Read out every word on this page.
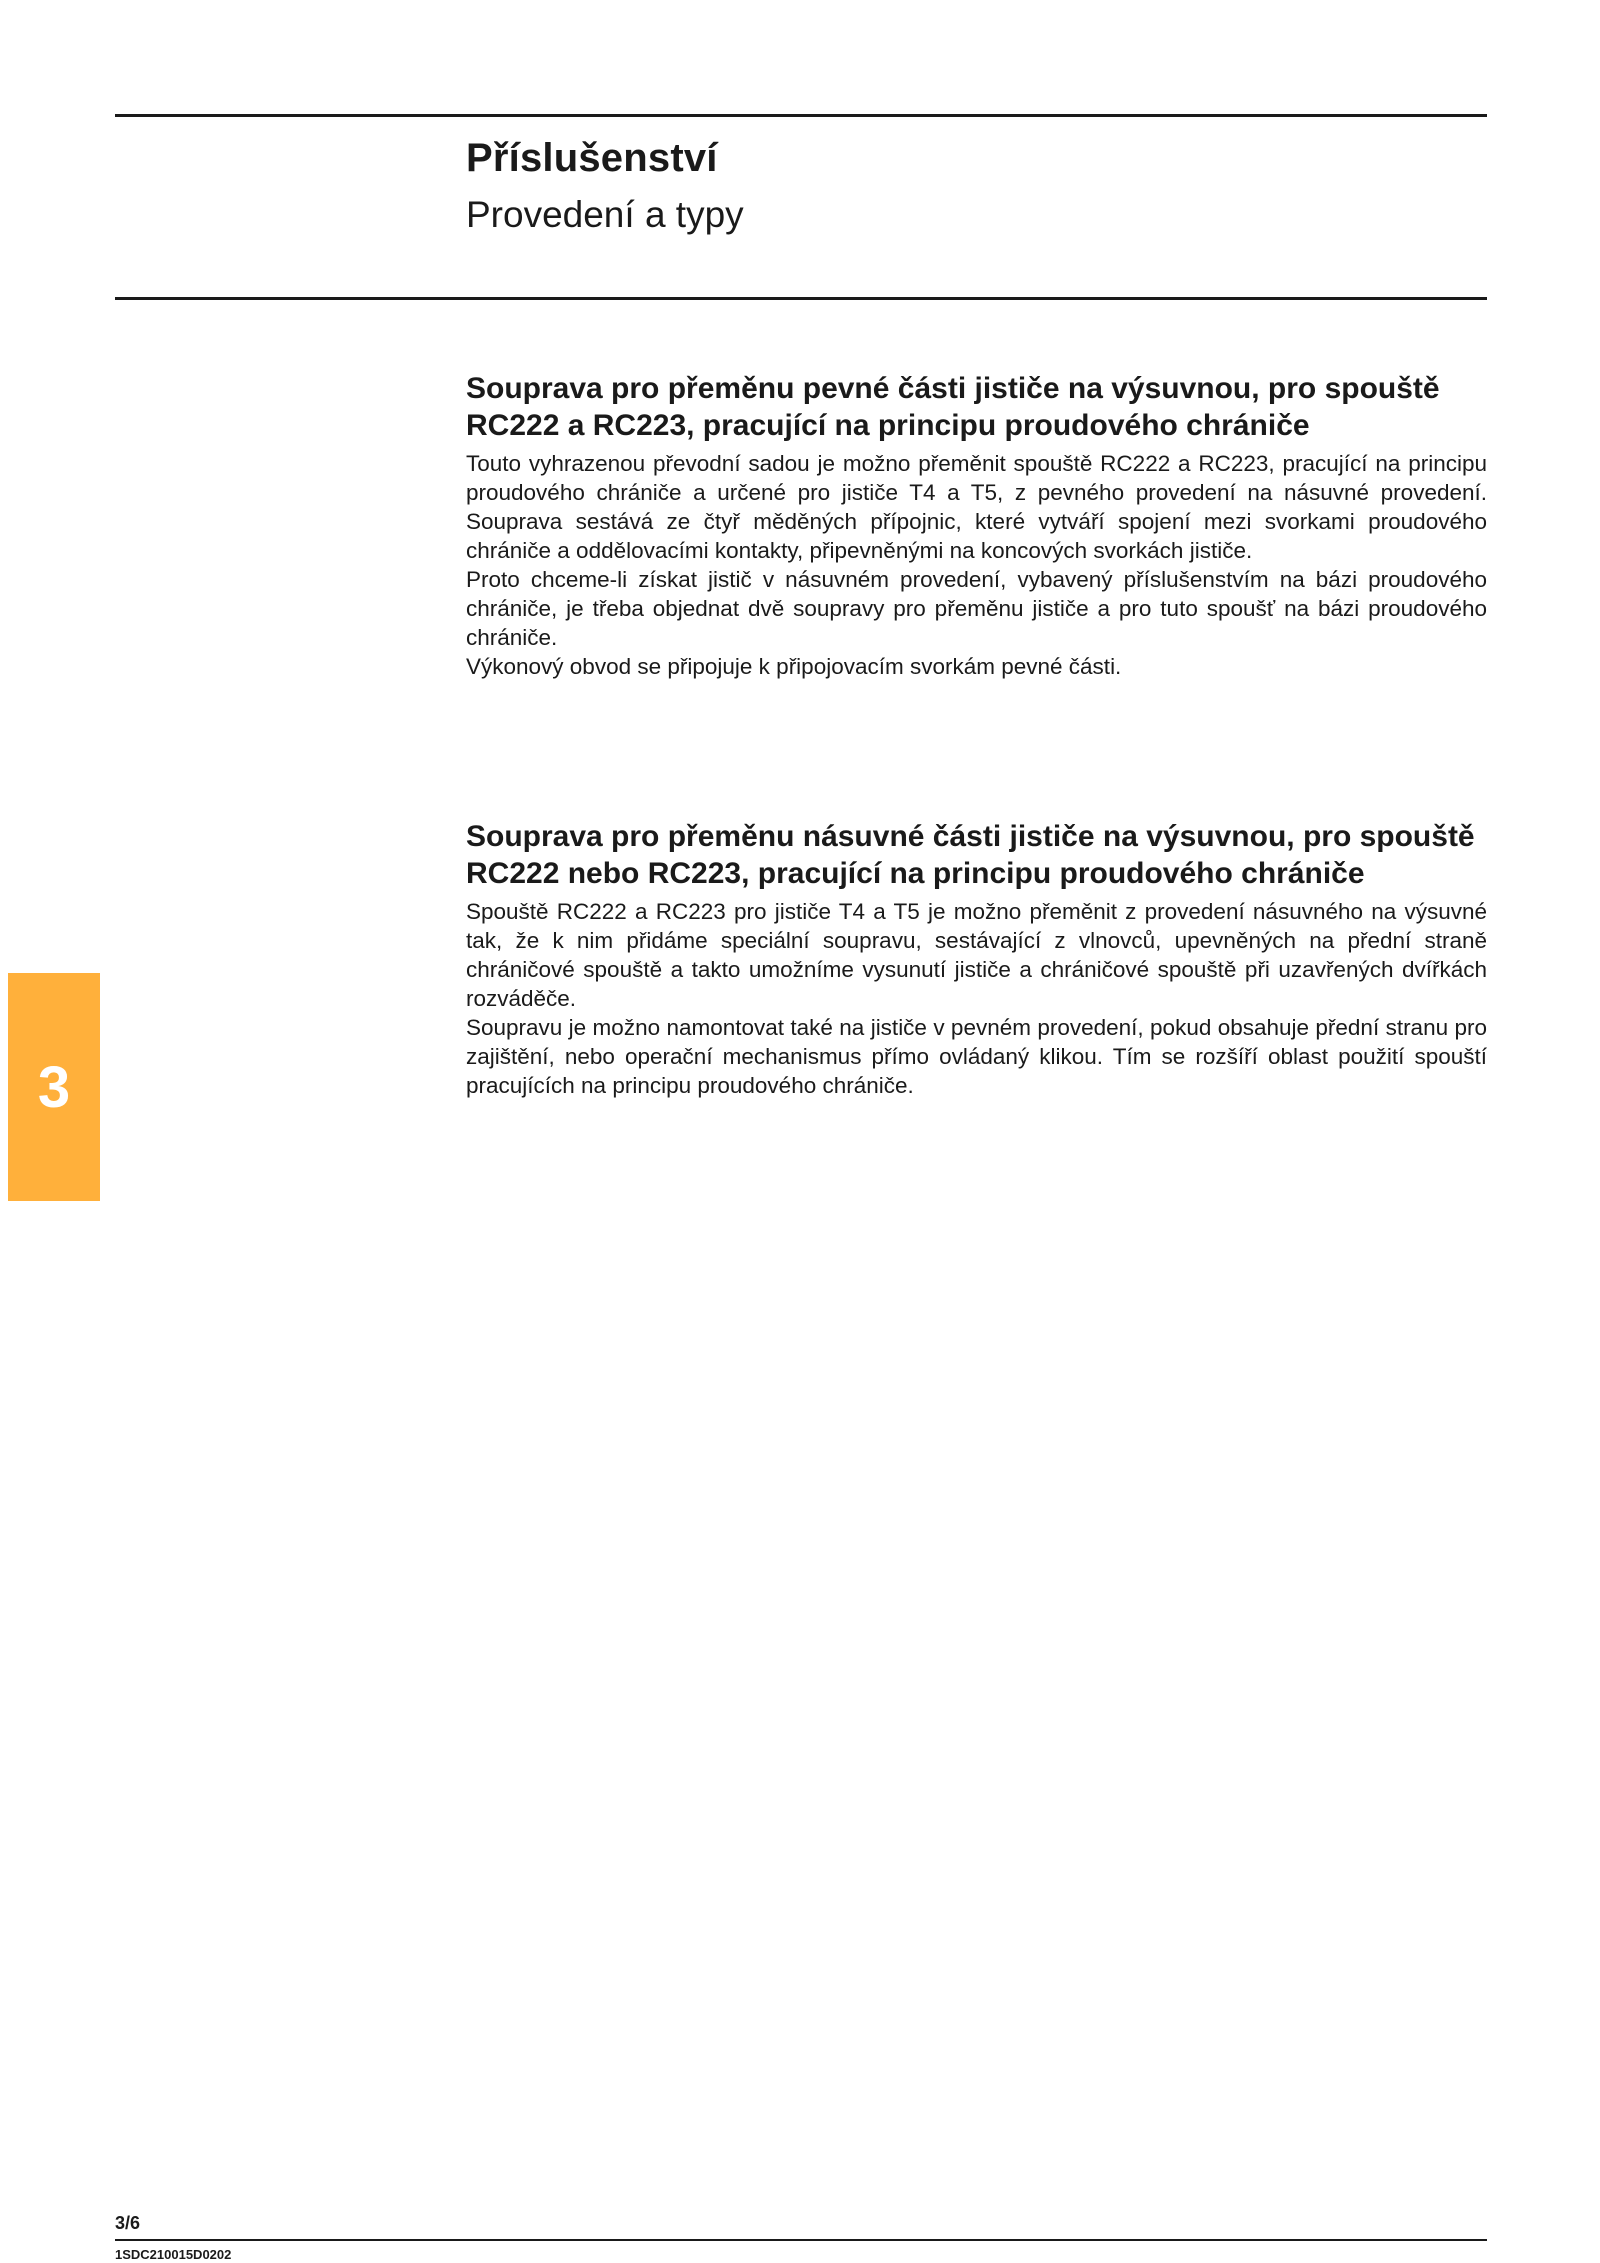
Příslušenství
Provedení a typy
Souprava pro přeměnu pevné části jističe na výsuvnou, pro spouště RC222 a RC223, pracující na principu proudového chrániče

Touto vyhrazenou převodní sadou je možno přeměnit spouště RC222 a RC223, pracující na principu proudového chrániče a určené pro jističe T4 a T5, z pevného provedení na násuvné provedení. Souprava sestává ze čtyř měděných přípojnic, které vytváří spojení mezi svorkami proudového chrániče a oddělovacími kontakty, připevněnými na koncových svorkách jističe.

Proto chceme-li získat jistič v násuvném provedení, vybavený příslušenstvím na bázi proudového chrániče, je třeba objednat dvě soupravy pro přeměnu jističe a pro tuto spoušť na bázi proudového chrániče.

Výkonový obvod se připojuje k připojovacím svorkám pevné části.

Souprava pro přeměnu násuvné části jističe na výsuvnou, pro spouště RC222 nebo RC223, pracující na principu proudového chrániče

Spouště RC222 a RC223 pro jističe T4 a T5 je možno přeměnit z provedení násuvného na výsuvné tak, že k nim přidáme speciální soupravu, sestávající z vlnovců, upevněných na přední straně chráničové spouště a takto umožníme vysunutí jističe a chráničové spouště při uzavřených dvířkách rozváděče.

Soupravu je možno namontovat také na jističe v pevném provedení, pokud obsahuje přední stranu pro zajištění, nebo operační mechanismus přímo ovládaný klikou. Tím se rozšíří oblast použití spouští pracujících na principu proudového chrániče.

3
3/6
1SDC210015D0202
